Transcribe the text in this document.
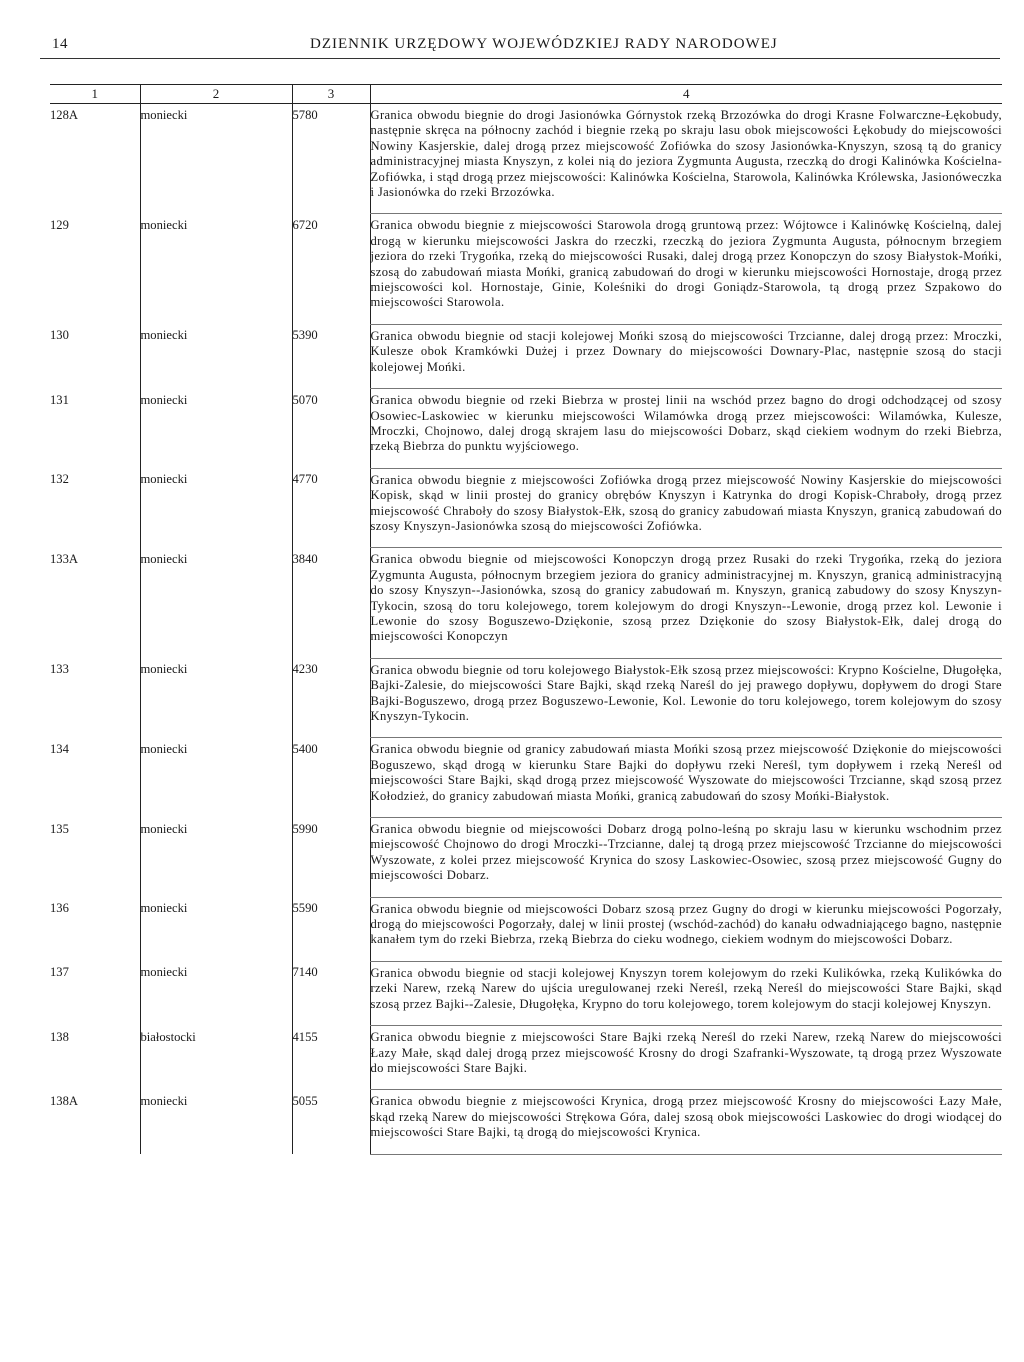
14	DZIENNIK URZĘDOWY WOJEWÓDZKIEJ RADY NARODOWEJ
1	2	3	4
128A	moniecki	5780	Granica obwodu biegnie do drogi Jasionówka Górnystok rzeką Brzozówka do drogi Krasne Folwarczne-Łękobudy, następnie skręca na północny zachód i biegnie rzeką po skraju lasu obok miejscowości Łękobudy do miejscowości Nowiny Kasjerskie, dalej drogą przez miejscowość Zofiówka do szosy Jasionówka-Knyszyn, szosą tą do granicy administracyjnej miasta Knyszyn, z kolei nią do jeziora Zygmunta Augusta, rzeczką do drogi Kalinówka Kościelna-Zofiówka, i stąd drogą przez miejscowości: Kalinówka Kościelna, Starowola, Kalinówka Królewska, Jasionóweczka i Jasionówka do rzeki Brzozówka.
129	moniecki	6720	Granica obwodu biegnie z miejscowości Starowola drogą gruntową przez: Wójtowce i Kalinówkę Kościelną, dalej drogą w kierunku miejscowości Jaskra do rzeczki, rzeczką do jeziora Zygmunta Augusta, północnym brzegiem jeziora do rzeki Trygońka, rzeką do miejscowości Rusaki, dalej drogą przez Konopczyn do szosy Białystok-Mońki, szosą do zabudowań miasta Mońki, granicą zabudowań do drogi w kierunku miejscowości Hornostaje, drogą przez miejscowości kol. Hornostaje, Ginie, Koleśniki do drogi Goniądz-Starowola, tą drogą przez Szpakowo do miejscowości Starowola.
130	moniecki	5390	Granica obwodu biegnie od stacji kolejowej Mońki szosą do miejscowości Trzcianne, dalej drogą przez: Mroczki, Kulesze obok Kramkówki Dużej i przez Downary do miejscowości Downary-Plac, następnie szosą do stacji kolejowej Mońki.
131	moniecki	5070	Granica obwodu biegnie od rzeki Biebrza w prostej linii na wschód przez bagno do drogi odchodzącej od szosy Osowiec-Laskowiec w kierunku miejscowości Wilamówka drogą przez miejscowości: Wilamówka, Kulesze, Mroczki, Chojnowo, dalej drogą skrajem lasu do miejscowości Dobarz, skąd ciekiem wodnym do rzeki Biebrza, rzeką Biebrza do punktu wyjściowego.
132	moniecki	4770	Granica obwodu biegnie z miejscowości Zofiówka drogą przez miejscowość Nowiny Kasjerskie do miejscowości Kopisk, skąd w linii prostej do granicy obrębów Knyszyn i Katrynka do drogi Kopisk-Chraboły, drogą przez miejscowość Chraboły do szosy Białystok-Ełk, szosą do granicy zabudowań miasta Knyszyn, granicą zabudowań do szosy Knyszyn-Jasionówka szosą do miejscowości Zofiówka.
133A	moniecki	3840	Granica obwodu biegnie od miejscowości Konopczyn drogą przez Rusaki do rzeki Trygońka, rzeką do jeziora Zygmunta Augusta, północnym brzegiem jeziora do granicy administracyjnej m. Knyszyn, granicą administracyjną do szosy Knyszyn--Jasionówka, szosą do granicy zabudowań m. Knyszyn, granicą zabudowy do szosy Knyszyn-Tykocin, szosą do toru kolejowego, torem kolejowym do drogi Knyszyn--Lewonie, drogą przez kol. Lewonie i Lewonie do szosy Boguszewo-Dziękonie, szosą przez Dziękonie do szosy Białystok-Ełk, dalej drogą do miejscowości Konopczyn
133	moniecki	4230	Granica obwodu biegnie od toru kolejowego Białystok-Ełk szosą przez miejscowości: Krypno Kościelne, Długołęka, Bajki-Zalesie, do miejscowości Stare Bajki, skąd rzeką Nareśl do jej prawego dopływu, dopływem do drogi Stare Bajki-Boguszewo, drogą przez Boguszewo-Lewonie, Kol. Lewonie do toru kolejowego, torem kolejowym do szosy Knyszyn-Tykocin.
134	moniecki	5400	Granica obwodu biegnie od granicy zabudowań miasta Mońki szosą przez miejscowość Dziękonie do miejscowości Boguszewo, skąd drogą w kierunku Stare Bajki do dopływu rzeki Nereśl, tym dopływem i rzeką Nereśl od miejscowości Stare Bajki, skąd drogą przez miejscowość Wyszowate do miejscowości Trzcianne, skąd szosą przez Kołodzież, do granicy zabudowań miasta Mońki, granicą zabudowań do szosy Mońki-Białystok.
135	moniecki	5990	Granica obwodu biegnie od miejscowości Dobarz drogą polno-leśną po skraju lasu w kierunku wschodnim przez miejscowość Chojnowo do drogi Mroczki--Trzcianne, dalej tą drogą przez miejscowość Trzcianne do miejscowości Wyszowate, z kolei przez miejscowość Krynica do szosy Laskowiec-Osowiec, szosą przez miejscowość Gugny do miejscowości Dobarz.
136	moniecki	5590	Granica obwodu biegnie od miejscowości Dobarz szosą przez Gugny do drogi w kierunku miejscowości Pogorzały, drogą do miejscowości Pogorzały, dalej w linii prostej (wschód-zachód) do kanału odwadniającego bagno, następnie kanałem tym do rzeki Biebrza, rzeką Biebrza do cieku wodnego, ciekiem wodnym do miejscowości Dobarz.
137	moniecki	7140	Granica obwodu biegnie od stacji kolejowej Knyszyn torem kolejowym do rzeki Kulikówka, rzeką Kulikówka do rzeki Narew, rzeką Narew do ujścia uregulowanej rzeki Nereśl, rzeką Nereśl do miejscowości Stare Bajki, skąd szosą przez Bajki--Zalesie, Długołęka, Krypno do toru kolejowego, torem kolejowym do stacji kolejowej Knyszyn.
138	białostocki	4155	Granica obwodu biegnie z miejscowości Stare Bajki rzeką Nereśl do rzeki Narew, rzeką Narew do miejscowości Łazy Małe, skąd dalej drogą przez miejscowość Krosny do drogi Szafranki-Wyszowate, tą drogą przez Wyszowate do miejscowości Stare Bajki.
138A	moniecki	5055	Granica obwodu biegnie z miejscowości Krynica, drogą przez miejscowość Krosny do miejscowości Łazy Małe, skąd rzeką Narew do miejscowości Strękowa Góra, dalej szosą obok miejscowości Laskowiec do drogi wiodącej do miejscowości Stare Bajki, tą drogą do miejscowości Krynica.
